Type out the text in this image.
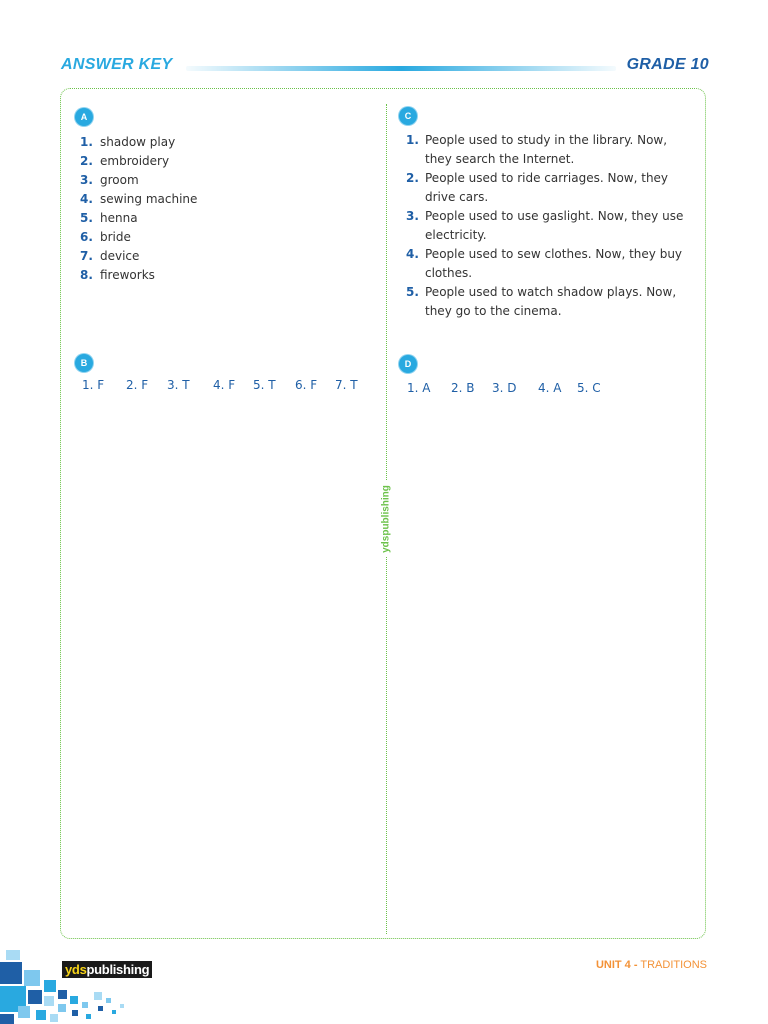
ANSWER KEY	GRADE 10
ydspublishing
A
1. shadow play
2. embroidery
3. groom
4. sewing machine
5. henna
6. bride
7. device
8. fireworks
B
1. F 2. F 3. T 4. F 5. T 6. F 7. T
C
1. People used to study in the library. Now, they search the Internet.
2. People used to ride carriages. Now, they drive cars.
3. People used to use gaslight. Now, they use electricity.
4. People used to sew clothes. Now, they buy clothes.
5. People used to watch shadow plays. Now, they go to the cinema.
D
1. A 2. B 3. D 4. A 5. C
ydspublishing	UNIT 4 - TRADITIONS
